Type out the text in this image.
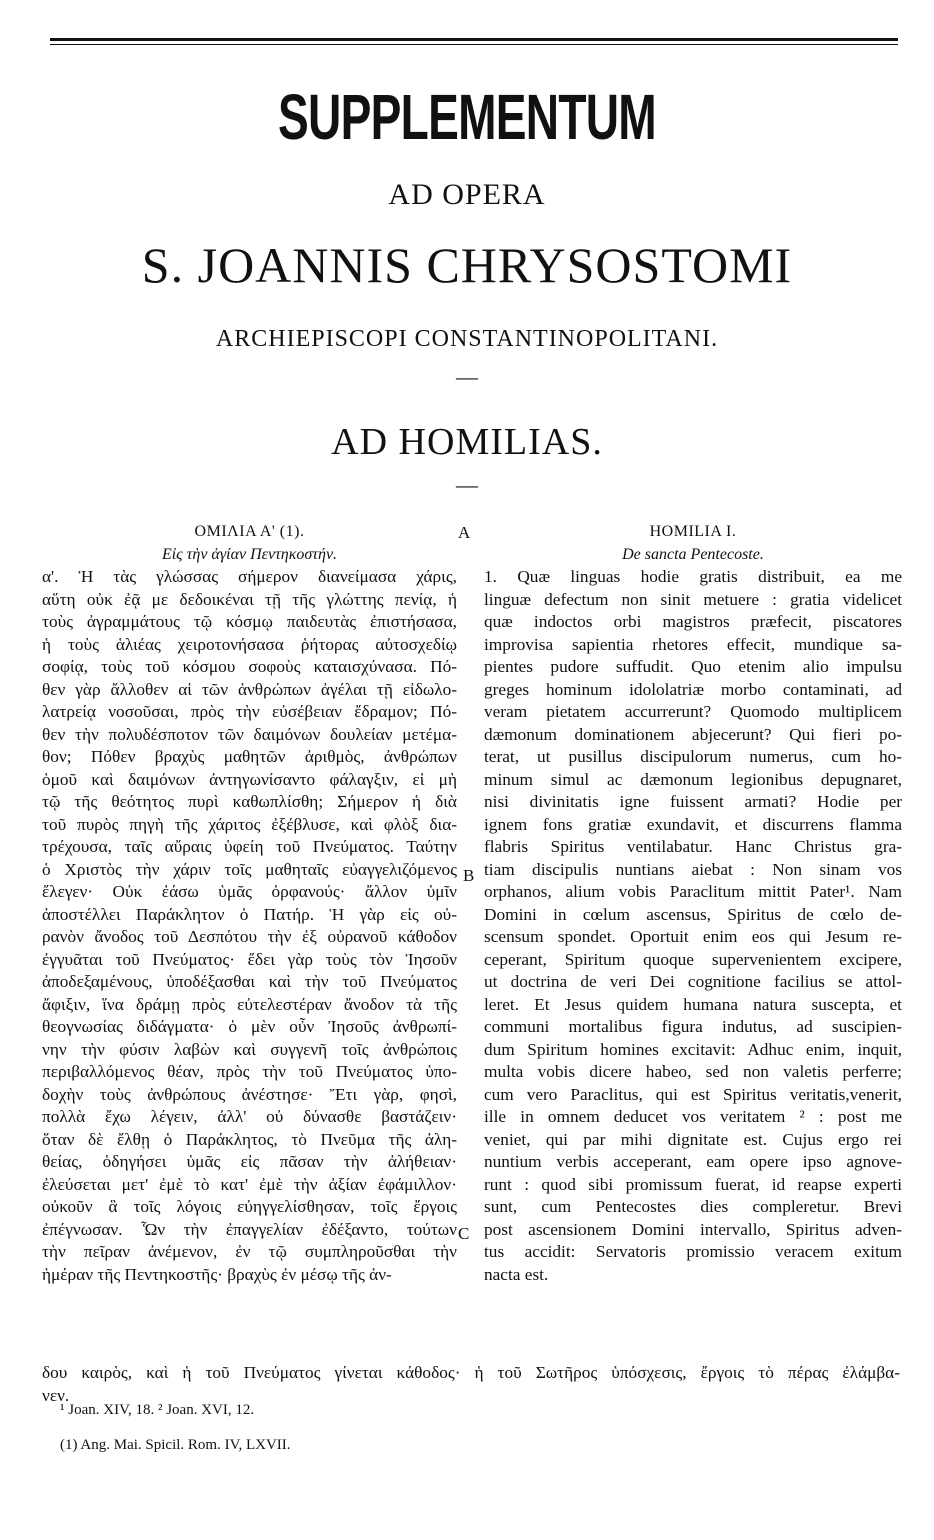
SUPPLEMENTUM
AD OPERA
S. JOANNIS CHRYSOSTOMI
ARCHIEPISCOPI CONSTANTINOPOLITANI.
—
AD HOMILIAS.
—
ΟΜΙΛΙΑ Α' (1).
Εἰς τὴν ἁγίαν Πεντηκοστήν.
α'. Ἡ τὰς γλώσσας σήμερον διανείμασα χάρις,
αὕτη οὐκ ἐᾷ με δεδοικέναι τῇ τῆς γλώττης πενίᾳ, ἡ
τοὺς ἀγραμμάτους τῷ κόσμῳ παιδευτὰς ἐπιστήσασα,
ἡ τοὺς ἁλιέας χειροτονήσασα ῥήτορας αὐτοσχεδίῳ
σοφίᾳ, τοὺς τοῦ κόσμου σοφοὺς καταισχύνασα. Πό-
θεν γὰρ ἄλλοθεν αἱ τῶν ἀνθρώπων ἀγέλαι τῇ εἰδωλο-
λατρείᾳ νοσοῦσαι, πρὸς τὴν εὐσέβειαν ἔδραμον; Πό-
θεν τὴν πολυδέσποτον τῶν δαιμόνων δουλείαν μετέμα-
θον; Πόθεν βραχὺς μαθητῶν ἀριθμὸς, ἀνθρώπων
ὁμοῦ καὶ δαιμόνων ἀντηγωνίσαντο φάλαγξιν, εἰ μὴ
τῷ τῆς θεότητος πυρὶ καθωπλίσθη; Σήμερον ἡ διὰ
τοῦ πυρὸς πηγὴ τῆς χάριτος ἐξέβλυσε, καὶ φλὸξ δια-
τρέχουσα, ταῖς αὔραις ὑφείη τοῦ Πνεύματος. Ταύτην
ὁ Χριστὸς τὴν χάριν τοῖς μαθηταῖς εὐαγγελιζόμενος
ἔλεγεν· Οὐκ ἐάσω ὑμᾶς ὀρφανούς· ἄλλον ὑμῖν
ἀποστέλλει Παράκλητον ὁ Πατήρ. Ἡ γὰρ εἰς οὐ-
ρανὸν ἄνοδος τοῦ Δεσπότου τὴν ἐξ οὐρανοῦ κάθοδον
ἐγγυᾶται τοῦ Πνεύματος· ἔδει γὰρ τοὺς τὸν Ἰησοῦν
ἀποδεξαμένους, ὑποδέξασθαι καὶ τὴν τοῦ Πνεύματος
ἄφιξιν, ἵνα δράμῃ πρὸς εὐτελεστέραν ἄνοδον τὰ τῆς
θεογνωσίας διδάγματα· ὁ μὲν οὖν Ἰησοῦς ἀνθρωπί-
νην τὴν φύσιν λαβὼν καὶ συγγενῆ τοῖς ἀνθρώποις
περιβαλλόμενος θέαν, πρὸς τὴν τοῦ Πνεύματος ὑπο-
δοχὴν τοὺς ἀνθρώπους ἀνέστησε· Ἔτι γὰρ, φησὶ,
πολλὰ ἔχω λέγειν, ἀλλ' οὐ δύνασθε βαστάζειν·
ὅταν δὲ ἔλθῃ ὁ Παράκλητος, τὸ Πνεῦμα τῆς ἀλη-
θείας, ὁδηγήσει ὑμᾶς εἰς πᾶσαν τὴν ἀλήθειαν·
ἐλεύσεται μετ' ἐμὲ τὸ κατ' ἐμὲ τὴν ἀξίαν ἐφάμιλλον·
οὐκοῦν ἃ τοῖς λόγοις εὐηγγελίσθησαν, τοῖς ἔργοις
ἐπέγνωσαν. Ὧν τὴν ἐπαγγελίαν ἐδέξαντο, τούτων
τὴν πεῖραν ἀνέμενον, ἐν τῷ συμπληροῦσθαι τὴν
ἡμέραν τῆς Πεντηκοστῆς· βραχὺς ἐν μέσῳ τῆς ἀν-
A
B
C
HOMILIA I.
De sancta Pentecoste.
1. Quæ linguas hodie gratis distribuit, ea me
linguæ defectum non sinit metuere : gratia videlicet
quæ indoctos orbi magistros præfecit, piscatores
improvisa sapientia rhetores effecit, mundique sa-
pientes pudore suffudit. Quo etenim alio impulsu
greges hominum idololatriæ morbo contaminati, ad
veram pietatem accurrerunt? Quomodo multiplicem
dæmonum dominationem abjecerunt? Qui fieri po-
terat, ut pusillus discipulorum numerus, cum ho-
minum simul ac dæmonum legionibus depugnaret,
nisi divinitatis igne fuissent armati? Hodie per
ignem fons gratiæ exundavit, et discurrens flamma
flabris Spiritus ventilabatur. Hanc Christus gra-
tiam discipulis nuntians aiebat : Non sinam vos
orphanos, alium vobis Paraclitum mittit Pater¹. Nam
Domini in cœlum ascensus, Spiritus de cœlo de-
scensum spondet. Oportuit enim eos qui Jesum re-
ceperant, Spiritum quoque supervenientem excipere,
ut doctrina de veri Dei cognitione facilius se attol-
leret. Et Jesus quidem humana natura suscepta, et
communi mortalibus figura indutus, ad suscipien-
dum Spiritum homines excitavit: Adhuc enim, inquit,
multa vobis dicere habeo, sed non valetis perferre;
cum vero Paraclitus, qui est Spiritus veritatis,venerit,
ille in omnem deducet vos veritatem ² : post me
veniet, qui par mihi dignitate est. Cujus ergo rei
nuntium verbis acceperant, eam opere ipso agnove-
runt : quod sibi promissum fuerat, id reapse experti
sunt, cum Pentecostes dies compleretur. Brevi
post ascensionem Domini intervallo, Spiritus adven-
tus accidit: Servatoris promissio veracem exitum
nacta est.
δου καιρὸς, καὶ ἡ τοῦ Πνεύματος γίνεται κάθοδος· ἡ τοῦ Σωτῆρος ὑπόσχεσις, ἔργοις τὸ πέρας ἐλάμβα-
νεν.
¹ Joan. XIV, 18. ² Joan. XVI, 12.
(1) Ang. Mai. Spicil. Rom. IV, LXVII.
